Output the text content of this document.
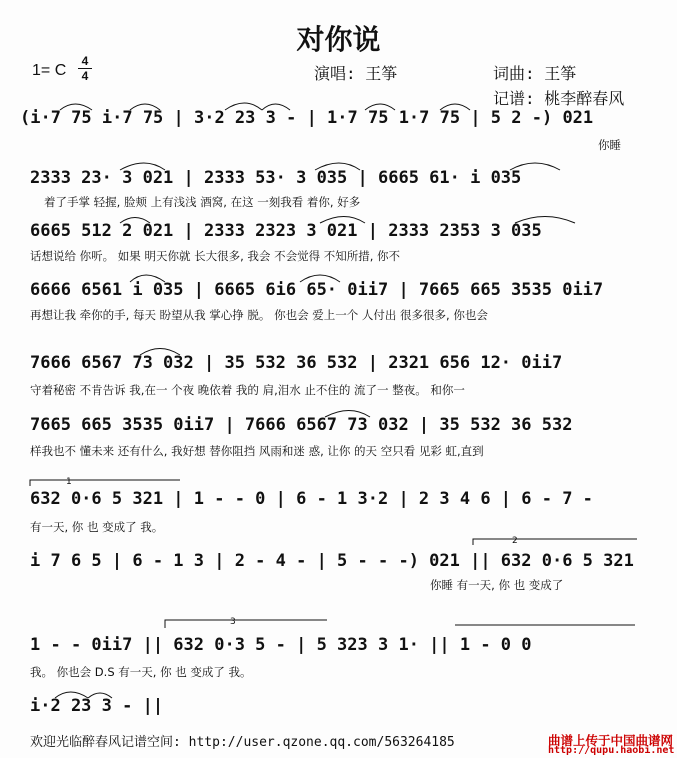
对你说
1= C
4
4	演唱: 王筝	词曲: 王筝
记谱: 桃李醉春风
(i·7 75 i·7 75 | 3·2 23 3 - | 1·7 75 1·7 75 | 5 2 -) 021
你睡
2333 23· 3 021 | 2333 53· 3 035 | 6665 61· i 035
着了手掌 轻握, 脸颊 上有浅浅 酒窝, 在这 一刻我看 着你, 好多
6665 512 2 021 | 2333 2323 3 021 | 2333 2353 3 035
话想说给 你听。 如果 明天你就 长大很多, 我会 不会觉得 不知所措, 你不
6666 6561 i 035 | 6665 6i6 65· 0ii7 | 7665 665 3535 0ii7
再想让我 牵你的手, 每天 盼望从我 掌心挣 脱。 你也会 爱上一个 人付出 很多很多, 你也会
7666 6567 73 032 | 35 532 36 532 | 2321 656 12· 0ii7
守着秘密 不肯告诉 我,在一 个夜 晚依着 我的 肩,泪水 止不住的 流了一 整夜。 和你一
7665 665 3535 0ii7 | 7666 6567 73 032 | 35 532 36 532
样我也不 懂未来 还有什么, 我好想 替你阻挡 风雨和迷 惑, 让你 的天 空只看 见彩 虹,直到
632 0·6 5 321 | 1 - - 0 | 6 - 1 3·2 | 2 3 4 6 | 6 - 7 -
有一天, 你 也 变成了 我。
i 7 6 5 | 6 - 1 3 | 2 - 4 - | 5 - - -) 021 || 632 0·6 5 321
你睡 有一天, 你 也 变成了
1 - - 0ii7 || 632 0·3 5 - | 5 323 3 1· || 1 - 0 0
我。 你也会 D.S 有一天, 你 也 变成了 我。
i·2 23 3 - ||
1
2
3
欢迎光临醉春风记谱空间: http://user.qzone.qq.com/563264185	曲谱上传于中国曲谱网
http://qupu.haobi.net
